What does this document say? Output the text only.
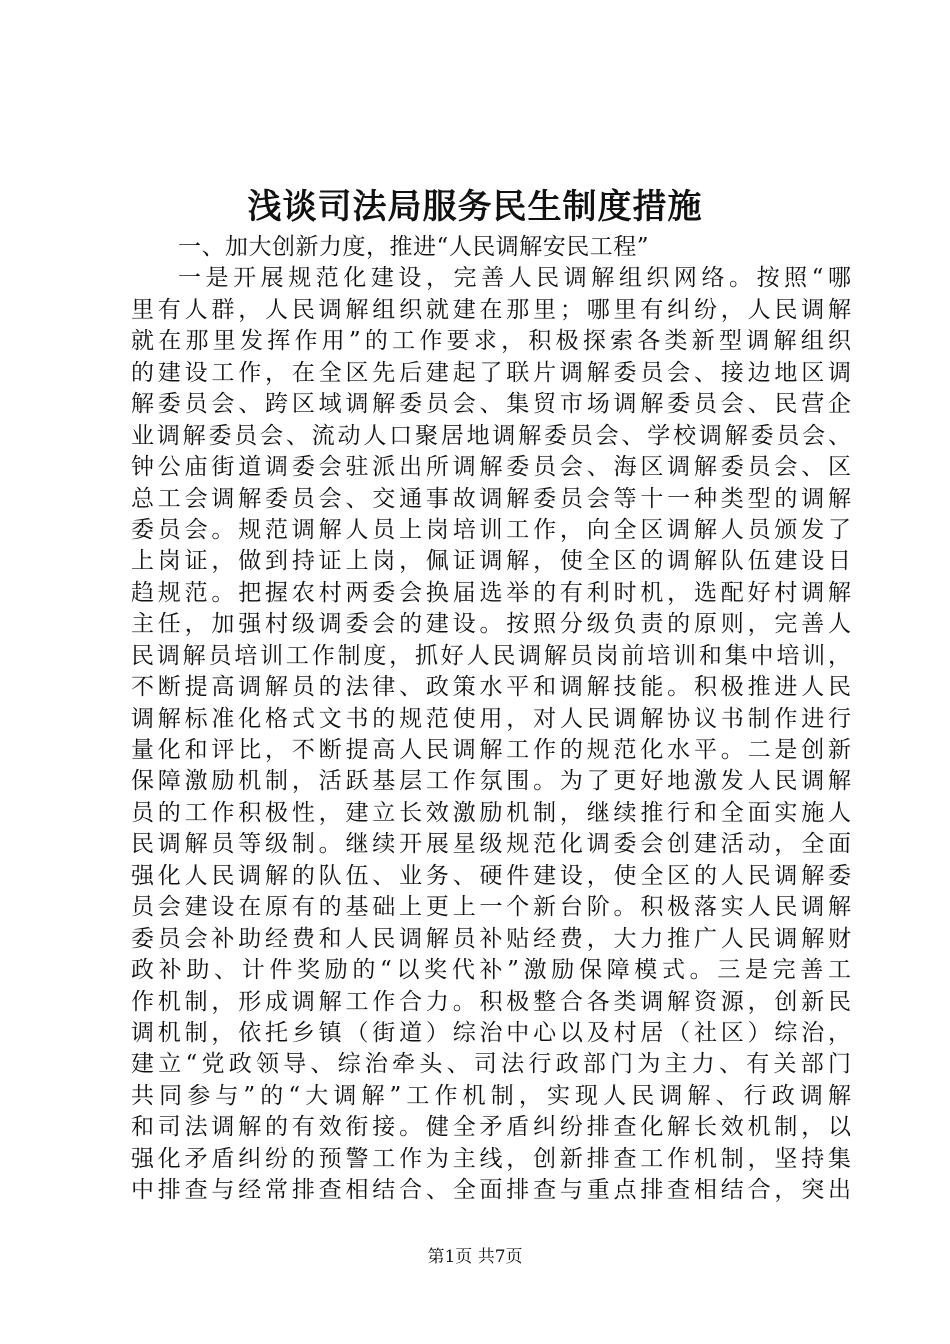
浅谈司法局服务民生制度措施
一、加大创新力度，推进“人民调解安民工程”
一是开展规范化建设，完善人民调解组织网络。按照“哪
里有人群，人民调解组织就建在那里；哪里有纠纷，人民调解
就在那里发挥作用”的工作要求，积极探索各类新型调解组织
的建设工作，在全区先后建起了联片调解委员会、接边地区调
解委员会、跨区域调解委员会、集贸市场调解委员会、民营企
业调解委员会、流动人口聚居地调解委员会、学校调解委员会、
钟公庙街道调委会驻派出所调解委员会、海区调解委员会、区
总工会调解委员会、交通事故调解委员会等十一种类型的调解
委员会。规范调解人员上岗培训工作，向全区调解人员颁发了
上岗证，做到持证上岗，佩证调解，使全区的调解队伍建设日
趋规范。把握农村两委会换届选举的有利时机，选配好村调解
主任，加强村级调委会的建设。按照分级负责的原则，完善人
民调解员培训工作制度，抓好人民调解员岗前培训和集中培训，
不断提高调解员的法律、政策水平和调解技能。积极推进人民
调解标准化格式文书的规范使用，对人民调解协议书制作进行
量化和评比，不断提高人民调解工作的规范化水平。二是创新
保障激励机制，活跃基层工作氛围。为了更好地激发人民调解
员的工作积极性，建立长效激励机制，继续推行和全面实施人
民调解员等级制。继续开展星级规范化调委会创建活动，全面
强化人民调解的队伍、业务、硬件建设，使全区的人民调解委
员会建设在原有的基础上更上一个新台阶。积极落实人民调解
委员会补助经费和人民调解员补贴经费，大力推广人民调解财
政补助、计件奖励的“以奖代补”激励保障模式。三是完善工
作机制，形成调解工作合力。积极整合各类调解资源，创新民
调机制，依托乡镇（街道）综治中心以及村居（社区）综治，
建立“党政领导、综治牵头、司法行政部门为主力、有关部门
共同参与”的“大调解”工作机制，实现人民调解、行政调解
和司法调解的有效衔接。健全矛盾纠纷排查化解长效机制，以
强化矛盾纠纷的预警工作为主线，创新排查工作机制，坚持集
中排查与经常排查相结合、全面排查与重点排查相结合，突出
第1页 共7页
